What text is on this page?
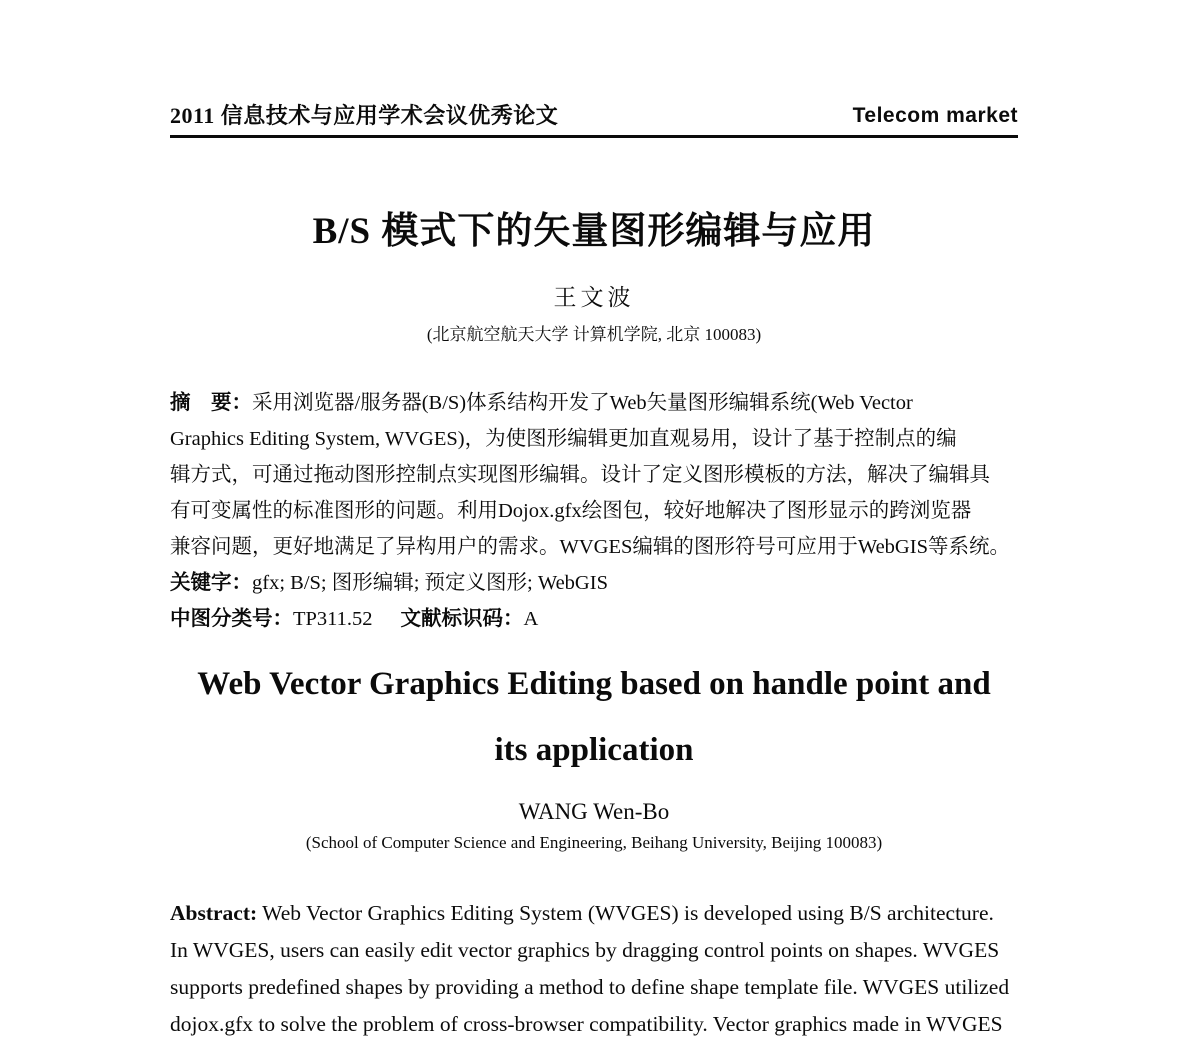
2011 信息技术与应用学术会议优秀论文	Telecom market
B/S 模式下的矢量图形编辑与应用
王文波
(北京航空航天大学 计算机学院, 北京 100083)
摘　要：采用浏览器/服务器(B/S)体系结构开发了Web矢量图形编辑系统(Web Vector
Graphics Editing System, WVGES)，为使图形编辑更加直观易用，设计了基于控制点的编
辑方式，可通过拖动图形控制点实现图形编辑。设计了定义图形模板的方法，解决了编辑具
有可变属性的标准图形的问题。利用Dojox.gfx绘图包，较好地解决了图形显示的跨浏览器
兼容问题，更好地满足了异构用户的需求。WVGES编辑的图形符号可应用于WebGIS等系统。
关键字：gfx; B/S; 图形编辑; 预定义图形; WebGIS
中图分类号：TP311.52 文献标识码：A
Web Vector Graphics Editing based on handle point and
its application
WANG Wen-Bo
(School of Computer Science and Engineering, Beihang University, Beijing 100083)
Abstract: Web Vector Graphics Editing System (WVGES) is developed using B/S architecture.
In WVGES, users can easily edit vector graphics by dragging control points on shapes. WVGES
supports predefined shapes by providing a method to define shape template file. WVGES utilized
dojox.gfx to solve the problem of cross-browser compatibility. Vector graphics made in WVGES
